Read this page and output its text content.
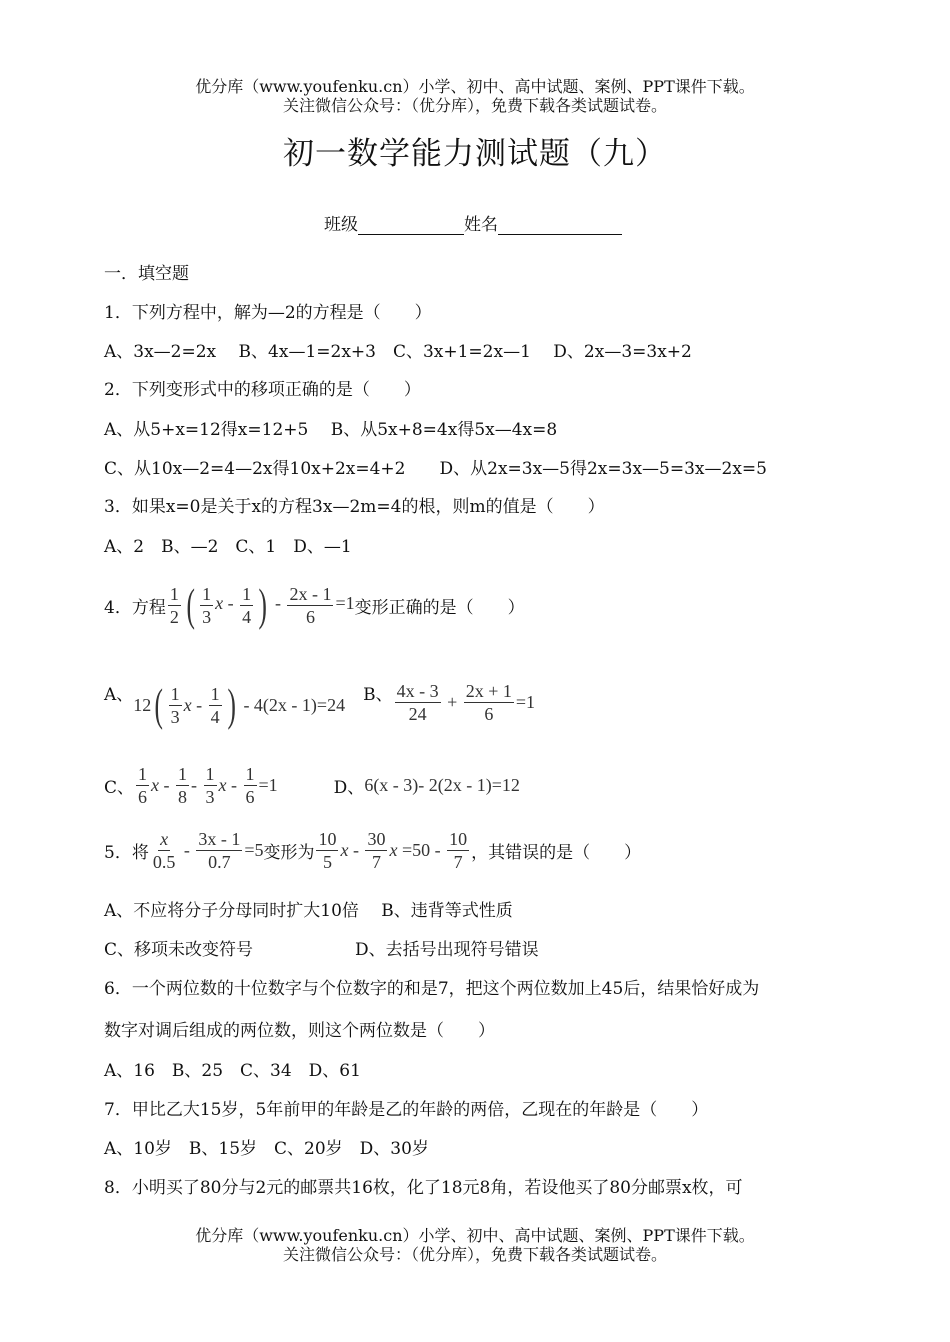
优分库（www.youfenku.cn）小学、初中、高中试题、案例、PPT课件下载。
关注微信公众号：（优分库），免费下载各类试题试卷。
初一数学能力测试题（九）
班级	姓名
一．填空题
1．下列方程中，解为—2的方程是（　　）
A、3x—2=2x　 B、4x—1=2x+3　C、3x+1=2x—1　 D、2x—3=3x+2
2．下列变形式中的移项正确的是（　　）
A、从5+x=12得x=12+5　 B、从5x+8=4x得5x—4x=8
C、从10x—2=4—2x得10x+2x=4+2　　D、从2x=3x—5得2x=3x—5=3x—2x=5
3．如果x=0是关于x的方程3x—2m=4的根，则m的值是（　　）
A、2　B、—2　C、1　D、—1
4．方程 $\frac{1}{2}$ ( $\frac{1}{3}$ x - $\frac{1}{4}$ ) - $\frac{2x - 1}{6} =1$ 变形正确的是（　　）
A、 12 ( $\frac{1}{3}$ x
-
$\frac{1}{4}$ )
- 4(2x - 1)=24 B、 $\frac{4x - 3}{24}$
+
$\frac{2x + 1}{6} =1$
C、 $\frac{1}{6}$ x
-
$\frac{1}{8}$ -
$\frac{1}{3}$ x
-
$\frac{1}{6} =1$	D、 6(x - 3)- 2(2x - 1)=12
5．将 $\frac{x}{0.5}$
-
$\frac{3x - 1}{0.7} =5$ 变形为 $\frac{10}{5}$ x
-
$\frac{30}{7}$ x
=50 -
$\frac{10}{7}$ ，其错误的是（　　）
A、不应将分子分母同时扩大10倍　 B、违背等式性质
C、移项未改变符号　　　　　　D、去括号出现符号错误
6．一个两位数的十位数字与个位数字的和是7，把这个两位数加上45后，结果恰好成为
数字对调后组成的两位数，则这个两位数是（　　）
A、16　B、25　C、34　D、61
7．甲比乙大15岁，5年前甲的年龄是乙的年龄的两倍，乙现在的年龄是（　　）
A、10岁　B、15岁　C、20岁　D、30岁
8．小明买了80分与2元的邮票共16枚，化了18元8角，若设他买了80分邮票x枚，可
优分库（www.youfenku.cn）小学、初中、高中试题、案例、PPT课件下载。
关注微信公众号：（优分库），免费下载各类试题试卷。
